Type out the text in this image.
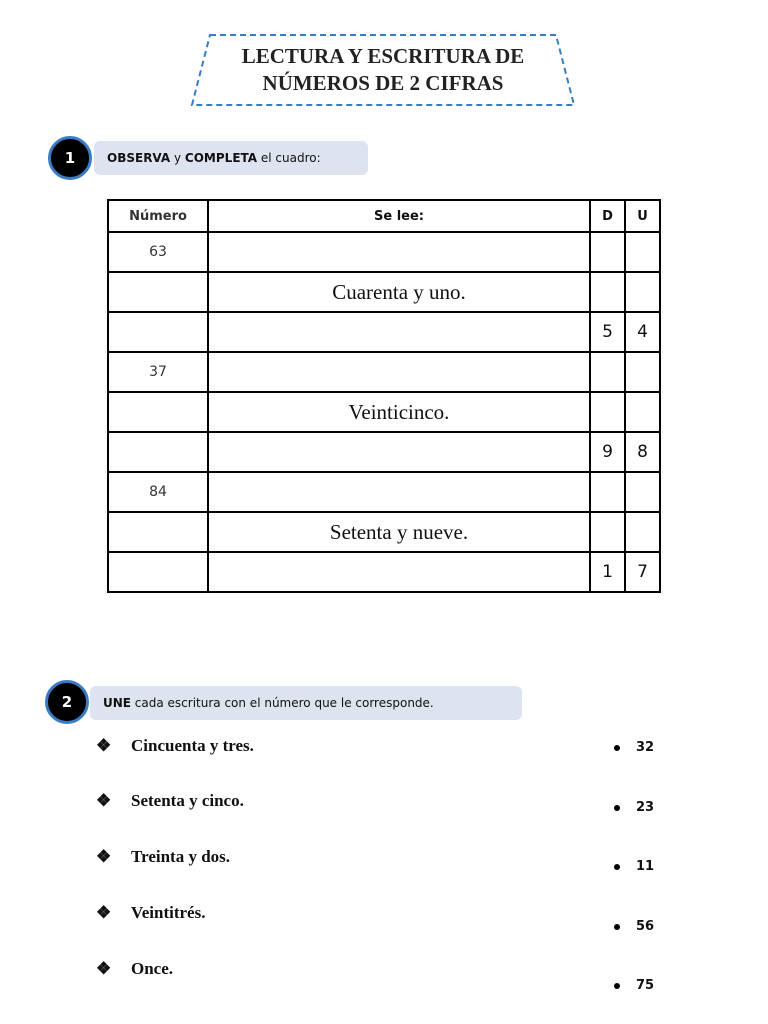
LECTURA Y ESCRITURA DE
NÚMEROS DE 2 CIFRAS
1	OBSERVA y COMPLETA el cuadro:
Número	Se lee:	D	U
63			
	Cuarenta y uno.		
		5	4
37			
	Veinticinco.		
		9	8
84			
	Setenta y nueve.		
		1	7
2	UNE cada escritura con el número que le corresponde.
❖ Cincuenta y tres.
❖ Setenta y cinco.
❖ Treinta y dos.
❖ Veintitrés.
❖ Once.
32
23
11
56
75
